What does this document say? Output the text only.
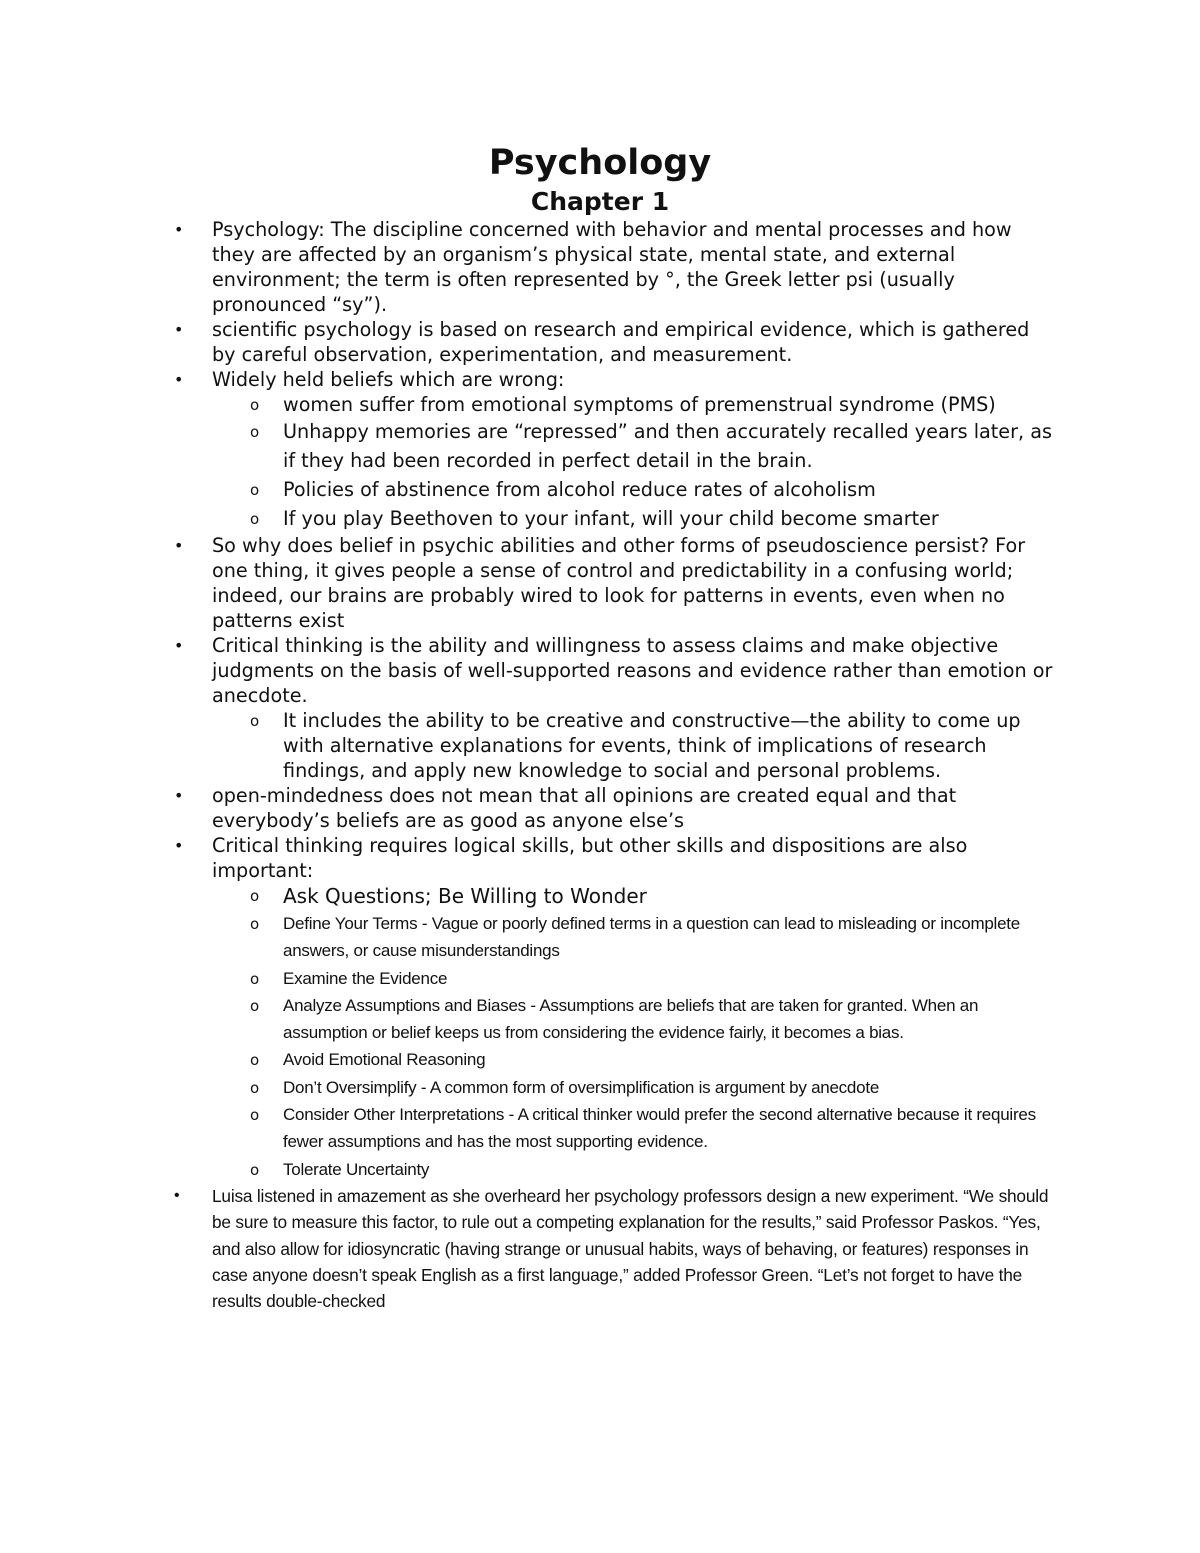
Psychology
Chapter 1
• Psychology: The discipline concerned with behavior and mental processes and how they are affected by an organism’s physical state, mental state, and external environment; the term is often represented by °, the Greek letter psi (usually pronounced “sy”).
• scientific psychology is based on research and empirical evidence, which is gathered by careful observation, experimentation, and measurement.
• Widely held beliefs which are wrong:
o women suffer from emotional symptoms of premenstrual syndrome (PMS)
o Unhappy memories are “repressed” and then accurately recalled years later, as if they had been recorded in perfect detail in the brain.
o Policies of abstinence from alcohol reduce rates of alcoholism
o If you play Beethoven to your infant, will your child become smarter
• So why does belief in psychic abilities and other forms of pseudoscience persist? For one thing, it gives people a sense of control and predictability in a confusing world; indeed, our brains are probably wired to look for patterns in events, even when no patterns exist
• Critical thinking is the ability and willingness to assess claims and make objective judgments on the basis of well-supported reasons and evidence rather than emotion or anecdote.
o It includes the ability to be creative and constructive—the ability to come up with alternative explanations for events, think of implications of research findings, and apply new knowledge to social and personal problems.
• open-mindedness does not mean that all opinions are created equal and that everybody’s beliefs are as good as anyone else’s
• Critical thinking requires logical skills, but other skills and dispositions are also important:
o Ask Questions; Be Willing to Wonder
o Define Your Terms - Vague or poorly defined terms in a question can lead to misleading or incomplete answers, or cause misunderstandings
o Examine the Evidence
o Analyze Assumptions and Biases - Assumptions are beliefs that are taken for granted. When an assumption or belief keeps us from considering the evidence fairly, it becomes a bias.
o Avoid Emotional Reasoning
o Don’t Oversimplify - A common form of oversimplification is argument by anecdote
o Consider Other Interpretations - A critical thinker would prefer the second alternative because it requires fewer assumptions and has the most supporting evidence.
o Tolerate Uncertainty
•	Luisa listened in amazement as she overheard her psychology professors design a new experiment. “We should be sure to measure this factor, to rule out a competing explanation for the results,” said Professor Paskos. “Yes, and also allow for idiosyncratic (having strange or unusual habits, ways of behaving, or features) responses in case anyone doesn’t speak English as a first language,” added Professor Green. “Let’s not forget to have the results double-checked
